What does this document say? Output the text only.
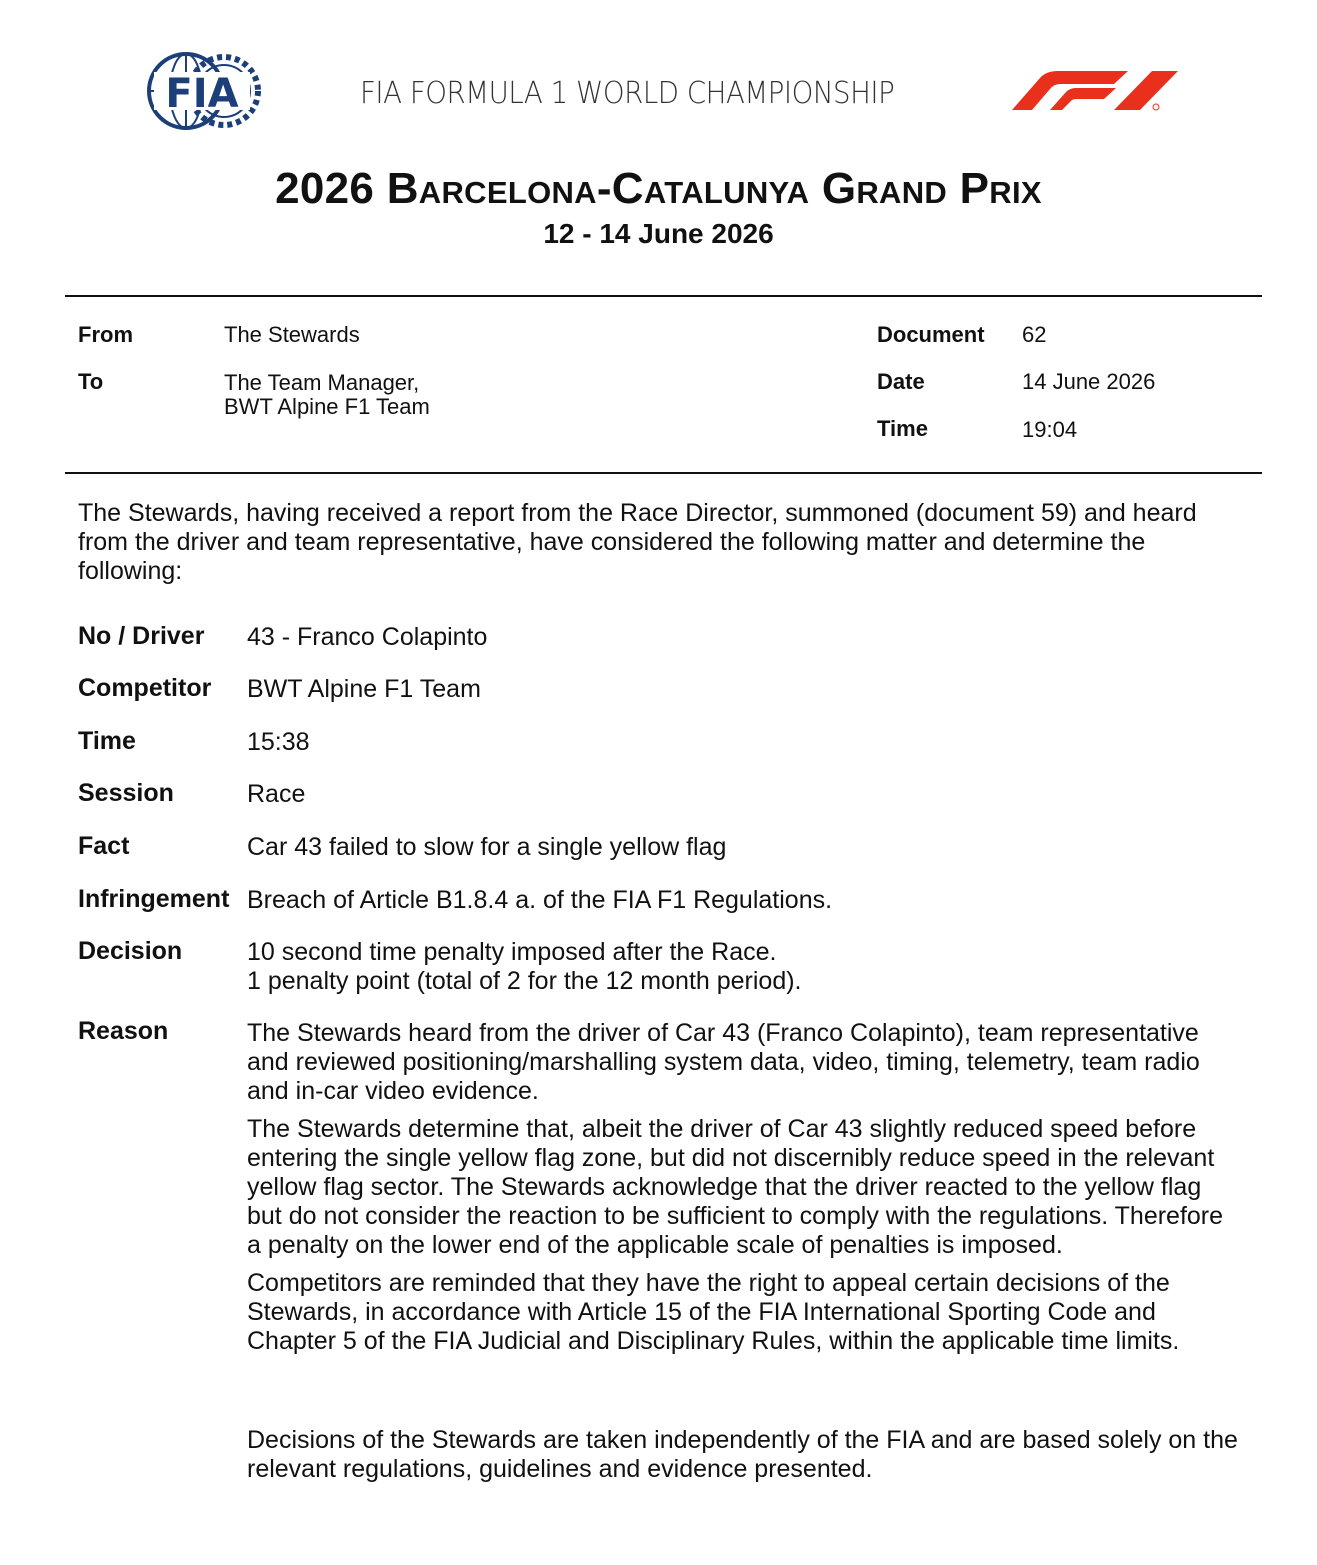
FIA	FIA FORMULA 1 WORLD CHAMPIONSHIP
2026 Barcelona-Catalunya Grand Prix
12 - 14 June 2026
From	The Stewards
To	The Team Manager,
BWT Alpine F1 Team
Document 62
Date	14 June 2026
Time	19:04
The Stewards, having received a report from the Race Director, summoned (document 59) and heard from the driver and team representative, have considered the following matter and determine the following:
No / Driver 43 - Franco Colapinto
Competitor BWT Alpine F1 Team
Time	15:38
Session	Race
Fact	Car 43 failed to slow for a single yellow flag
Infringement Breach of Article B1.8.4 a. of the FIA F1 Regulations.
Decision	10 second time penalty imposed after the Race.
1 penalty point (total of 2 for the 12 month period).
Reason	The Stewards heard from the driver of Car 43 (Franco Colapinto), team representative and reviewed positioning/marshalling system data, video, timing, telemetry, team radio and in-car video evidence.

The Stewards determine that, albeit the driver of Car 43 slightly reduced speed before entering the single yellow flag zone, but did not discernibly reduce speed in the relevant yellow flag sector. The Stewards acknowledge that the driver reacted to the yellow flag but do not consider the reaction to be sufficient to comply with the regulations. Therefore a penalty on the lower end of the applicable scale of penalties is imposed.

Competitors are reminded that they have the right to appeal certain decisions of the Stewards, in accordance with Article 15 of the FIA International Sporting Code and Chapter 5 of the FIA Judicial and Disciplinary Rules, within the applicable time limits.

Decisions of the Stewards are taken independently of the FIA and are based solely on the relevant regulations, guidelines and evidence presented.
